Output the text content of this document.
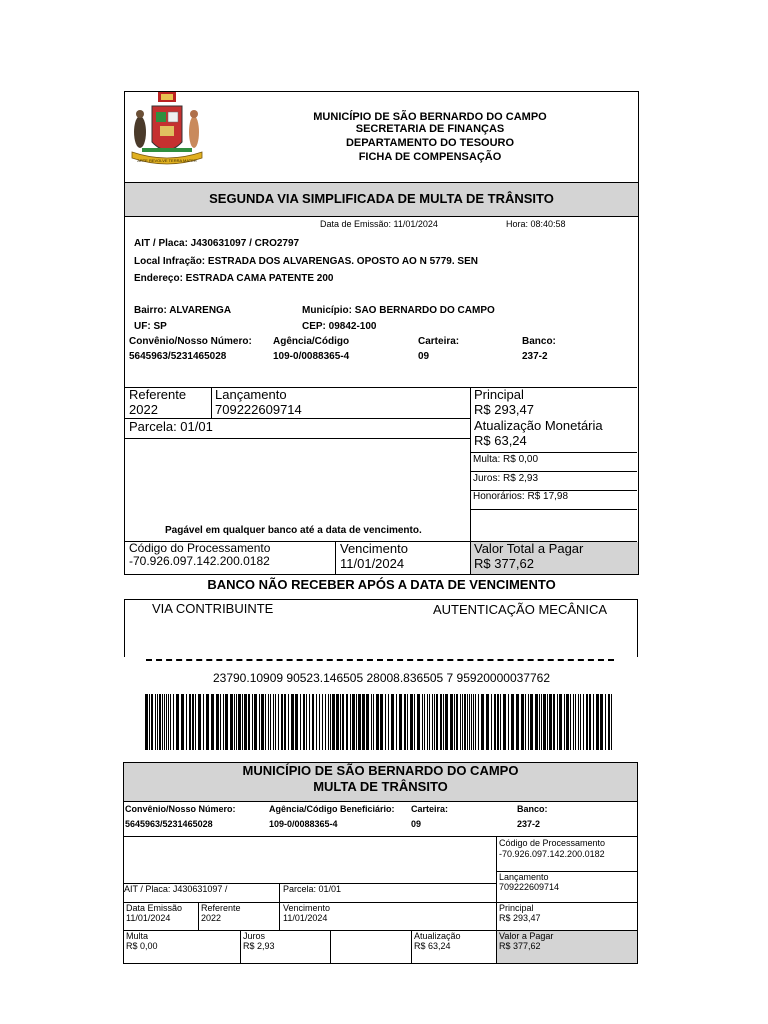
ARTE REVOLVE TERRA MATER
MUNICÍPIO DE SÃO BERNARDO DO CAMPO
SECRETARIA DE FINANÇAS
DEPARTAMENTO DO TESOURO
FICHA DE COMPENSAÇÃO
SEGUNDA VIA SIMPLIFICADA DE MULTA DE TRÂNSITO
Data de Emissão: 11/01/2024	Hora: 08:40:58
AIT / Placa: J430631097 / CRO2797
Local Infração: ESTRADA DOS ALVARENGAS. OPOSTO AO N 5779. SEN
Endereço: ESTRADA CAMA PATENTE 200
Bairro: ALVARENGA	Município: SAO BERNARDO DO CAMPO
UF: SP	CEP: 09842-100
Convênio/Nosso Número:
5645963/5231465028
Agência/Código
109-0/0088365-4
Carteira:
09
Banco:
237-2
Referente
2022
Lançamento
709222609714
Principal
R$ 293,47
Parcela: 01/01	Atualização Monetária
R$ 63,24
Multa: R$ 0,00
Juros: R$ 2,93
Honorários: R$ 17,98
Pagável em qualquer banco até a data de vencimento.
Código do Processamento
-70.926.097.142.200.0182
Vencimento
11/01/2024
Valor Total a Pagar
R$ 377,62
BANCO NÃO RECEBER APÓS A DATA DE VENCIMENTO
VIA CONTRIBUINTE	AUTENTICAÇÃO MECÂNICA
23790.10909 90523.146505 28008.836505 7 95920000037762
MUNICÍPIO DE SÃO BERNARDO DO CAMPO
MULTA DE TRÂNSITO
Convênio/Nosso Número:
5645963/5231465028
Agência/Código Beneficiário:
109-0/0088365-4
Carteira:
09
Banco:
237-2
Código de Processamento
-70.926.097.142.200.0182
Lançamento
709222609714
AIT / Placa: J430631097 /	Parcela: 01/01
Data Emissão
11/01/2024
Referente
2022
Vencimento
11/01/2024
Principal
R$ 293,47
Multa
R$ 0,00
Juros
R$ 2,93
Atualização
R$ 63,24
Valor a Pagar
R$ 377,62
